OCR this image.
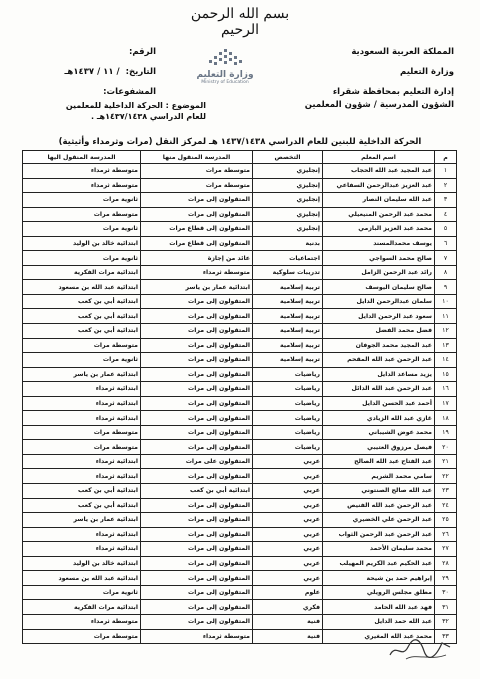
بسم الله الرحمن الرحيم
المملكة العربية السعودية
وزارة التعليم
إدارة التعليم بمحافظة شقراء
وزارة التعليم
Ministry of Education
الرقم:
التاريخ:
/ ١١ / ١٤٣٧هـ
المشفوعات:
الشؤون المدرسية / شؤون المعلمين
الموضوع : الحركة الداخلية للمعلمين
للعام الدراسي ١٤٣٧/١٤٣٨هـ .
الحركة الداخلية للبنين للعام الدراسي ١٤٣٧/١٤٣٨ هـ لمركز النقل (مرات وثرمداء وأثيثية)
م	اسم المعلم	التخصص	المدرسة المنقول منها	المدرسة المنقول اليها
١	عبد المجيد عبد الله الحجاب	إنجليزي	متوسطة مرات	متوسطة ثرمداء
٢	عبد العزيز عبدالرحمن السفاعي	إنجليزي	متوسطة مرات	متوسطة ثرمداء
٣	عبد الله سليمان النصار	إنجليزي	المتقولون إلى مرات	ثانوية مرات
٤	محمد عبد الرحمن المنيعيلي	إنجليزي	المنقولون إلى مرات	متوسطة مرات
٥	محمد عبد العزيز البازمي	إنجليزي	المتقولون إلى قطاع مرات	ثانوية مرات
٦	يوسف محمدالمسند	بدنية	المنقولون إلى قطاع مرات	ابتدائية خالد بن الوليد
٧	صالح محمد السواجي	اجتماعيات	عائد من إجازة	ثانوية مرات
٨	رائد عبد الرحمن الزامل	تدريبات سلوكية	متوسطة ثرمداء	ابتدائية مرات الفكرية
٩	صالح سليمان اليوسف	تربية إسلامية	ابتدائية عمار بن ياسر	ابتدائية عبد الله بن مسعود
١٠	سلمان عبدالرحمن الدايل	تربية إسلامية	المتقولون إلى مرات	ابتدائية أبي بن كعب
١١	سعود عبد الرحمن الدايل	تربية إسلامية	المتقولون إلى مرات	ابتدائية أبي بن كعب
١٢	فضل محمد الفضل	تربية إسلامية	المتقولون إلى مرات	ابتدائية أبي بن كعب
١٣	عبد المجيد محمد الجوفان	تربية إسلامية	المتقولون إلى مرات	متوسطة مرات
١٤	عبد الرحمن عبد الله المقحم	تربية إسلامية	المتقولون إلى مرات	ثانوية مرات
١٥	يزيد مساعد الدايل	رياضيات	المتقولون إلى مرات	ابتدائية عمار بن ياسر
١٦	عبد الرحمن عبد الله الدائل	رياضيات	المتقولون إلى مرات	ابتدائية ثرمداء
١٧	أحمد عبد الحسن الدايل	رياضيات	المتقولون إلى مرات	ابتدائية ثرمداء
١٨	غازي عبد الله الزيادي	رياضيات	المتقولون إلى مرات	ابتدائية ثرمداء
١٩	محمد عوض الشيباني	رياضيات	المتقولون إلى مرات	متوسطة مرات
٢٠	فيصل مرزوق العتيبي	رياضيات	المتقولون إلى مرات	متوسطة مرات
٢١	عبد الفتاح عبد الله الصالح	عربي	المتقولون على مرات	ابتدائية ثرمداء
٢٢	سامي محمد الشريم	عربي	المتقولون إلى مرات	ابتدائية ثرمداء
٢٣	عبد الله صالح الصنتوني	عربي	ابتدائية أبي بن كعب	ابتدائية أبي بن كعب
٢٤	عبد الرحمن عبد الله الفنيص	عربي	المتقولون إلى مرات	ابتدائية أبي بن كعب
٢٥	عبد الرحمن علي الخضيري	عربي	المتقولون إلى مرات	ابتدائية عمار بن ياسر
٢٦	عبد الرحمن عبد الرحمن الثواب	عربي	المتقولون إلى مرات	ابتدائية ثرمداء
٢٧	محمد سليمان الأحمد	عربي	المتقولون إلى مرات	ابتدائية ثرمداء
٢٨	عبد الحكيم عبد الكريم المهيلب	عربي	المتقولون إلى مرات	ابتدائية خالد بن الوليد
٢٩	إبراهيم حمد بن شيحة	عربي	المتقولون إلى مرات	ابتدائية عبد الله بن مسعود
٣٠	مطلق مجلس الرويلي	علوم	المتقولون إلى مرات	ثانوية مرات
٣١	فهد عبد الله الحامد	فكري	المتقولون إلى مرات	ابتدائية مرات الفكرية
٣٢	عبد الله حمد الدايل	فنية	المتقولون إلى مرات	متوسطة ثرمداء
٣٣	محمد عبد الله المغيري	فنية	متوسطة ثرمداء	متوسطة مرات
